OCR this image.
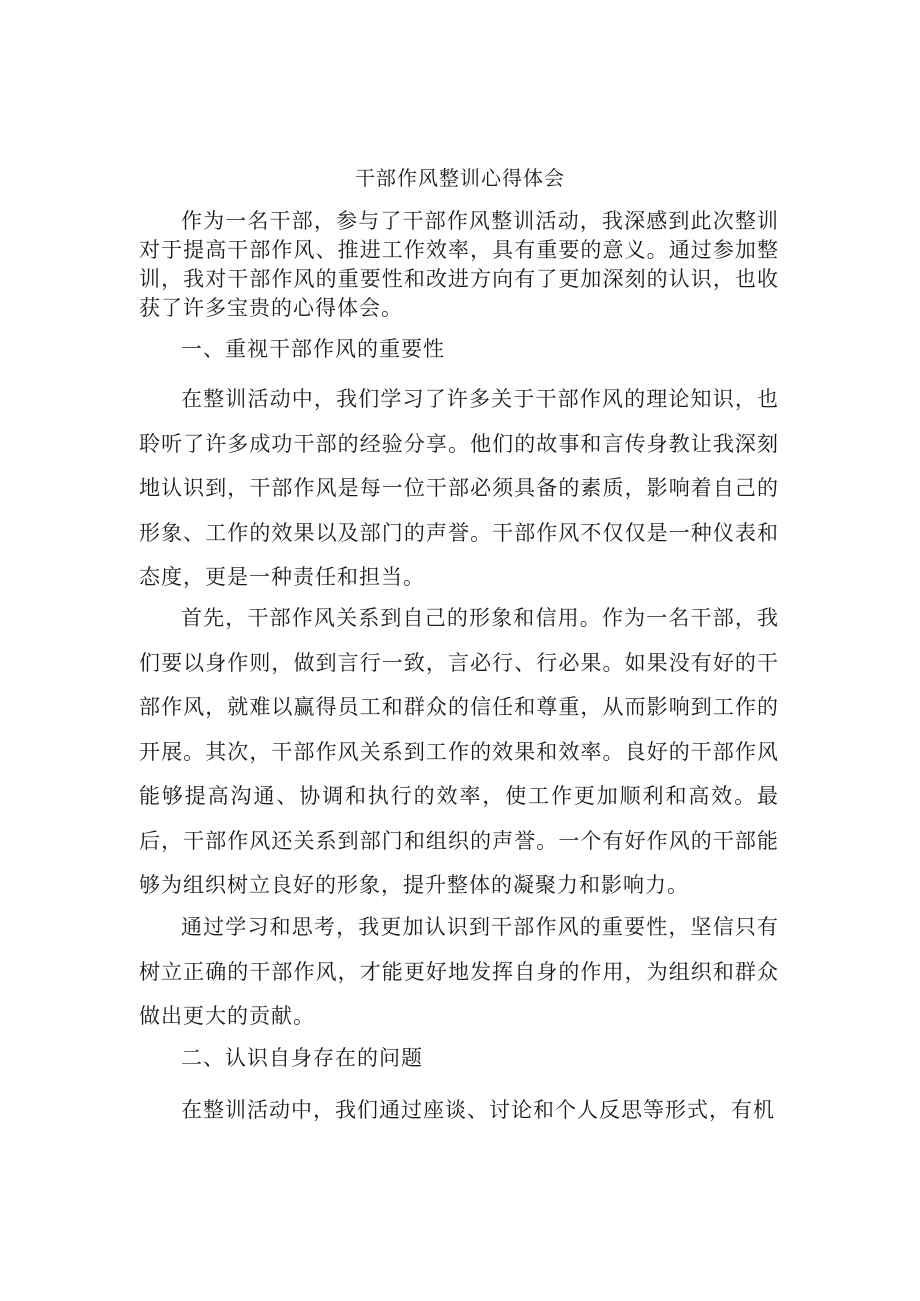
干部作风整训心得体会

作为一名干部，参与了干部作风整训活动，我深感到此次整训对于提高干部作风、推进工作效率，具有重要的意义。通过参加整训，我对干部作风的重要性和改进方向有了更加深刻的认识，也收获了许多宝贵的心得体会。

一、重视干部作风的重要性

在整训活动中，我们学习了许多关于干部作风的理论知识，也聆听了许多成功干部的经验分享。他们的故事和言传身教让我深刻地认识到，干部作风是每一位干部必须具备的素质，影响着自己的形象、工作的效果以及部门的声誉。干部作风不仅仅是一种仪表和态度，更是一种责任和担当。

首先，干部作风关系到自己的形象和信用。作为一名干部，我们要以身作则，做到言行一致，言必行、行必果。如果没有好的干部作风，就难以赢得员工和群众的信任和尊重，从而影响到工作的开展。其次，干部作风关系到工作的效果和效率。良好的干部作风能够提高沟通、协调和执行的效率，使工作更加顺利和高效。最后，干部作风还关系到部门和组织的声誉。一个有好作风的干部能够为组织树立良好的形象，提升整体的凝聚力和影响力。

通过学习和思考，我更加认识到干部作风的重要性，坚信只有树立正确的干部作风，才能更好地发挥自身的作用，为组织和群众做出更大的贡献。

二、认识自身存在的问题

在整训活动中，我们通过座谈、讨论和个人反思等形式，有机
